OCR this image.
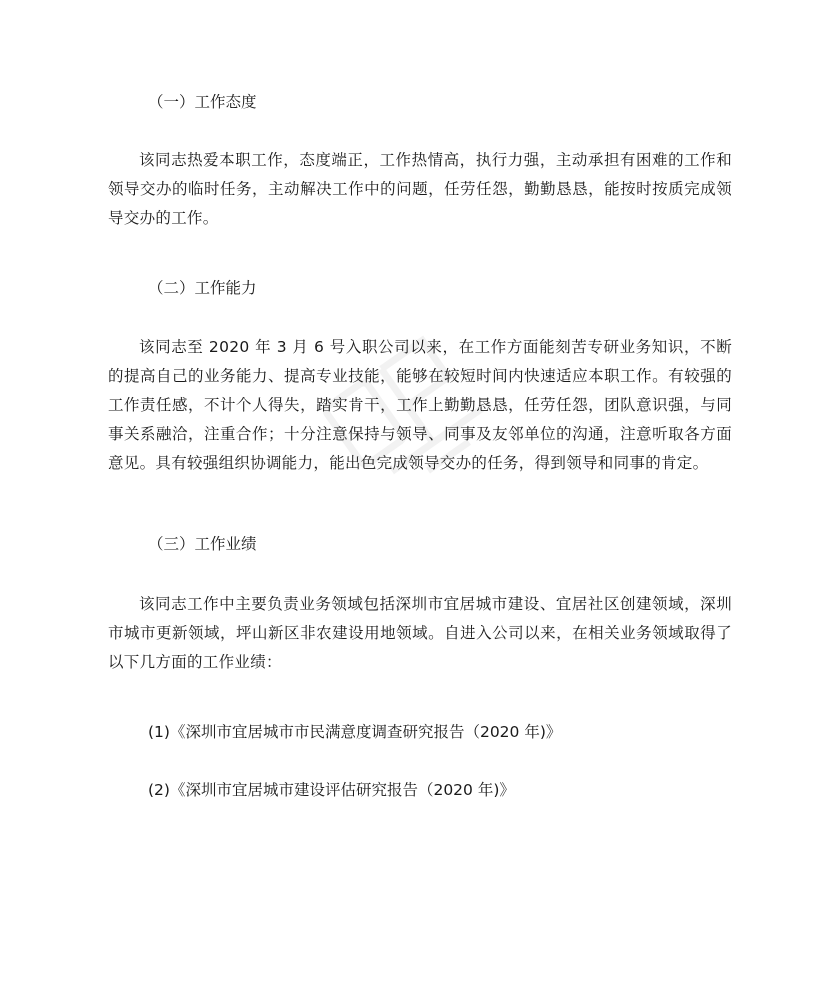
（一）工作态度
该同志热爱本职工作，态度端正，工作热情高，执行力强，主动承担有困难的工作和领导交办的临时任务，主动解决工作中的问题，任劳任怨，勤勤恳恳，能按时按质完成领导交办的工作。
（二）工作能力
该同志至 2020 年 3 月 6 号入职公司以来，在工作方面能刻苦专研业务知识，不断的提高自己的业务能力、提高专业技能，能够在较短时间内快速适应本职工作。有较强的工作责任感，不计个人得失，踏实肯干，工作上勤勤恳恳，任劳任怨，团队意识强，与同事关系融洽，注重合作；十分注意保持与领导、同事及友邻单位的沟通，注意听取各方面意见。具有较强组织协调能力，能出色完成领导交办的任务，得到领导和同事的肯定。
（三）工作业绩
该同志工作中主要负责业务领域包括深圳市宜居城市建设、宜居社区创建领域，深圳市城市更新领域，坪山新区非农建设用地领域。自进入公司以来，在相关业务领域取得了以下几方面的工作业绩：
(1)《深圳市宜居城市市民满意度调查研究报告（2020 年)》
(2)《深圳市宜居城市建设评估研究报告（2020 年)》
